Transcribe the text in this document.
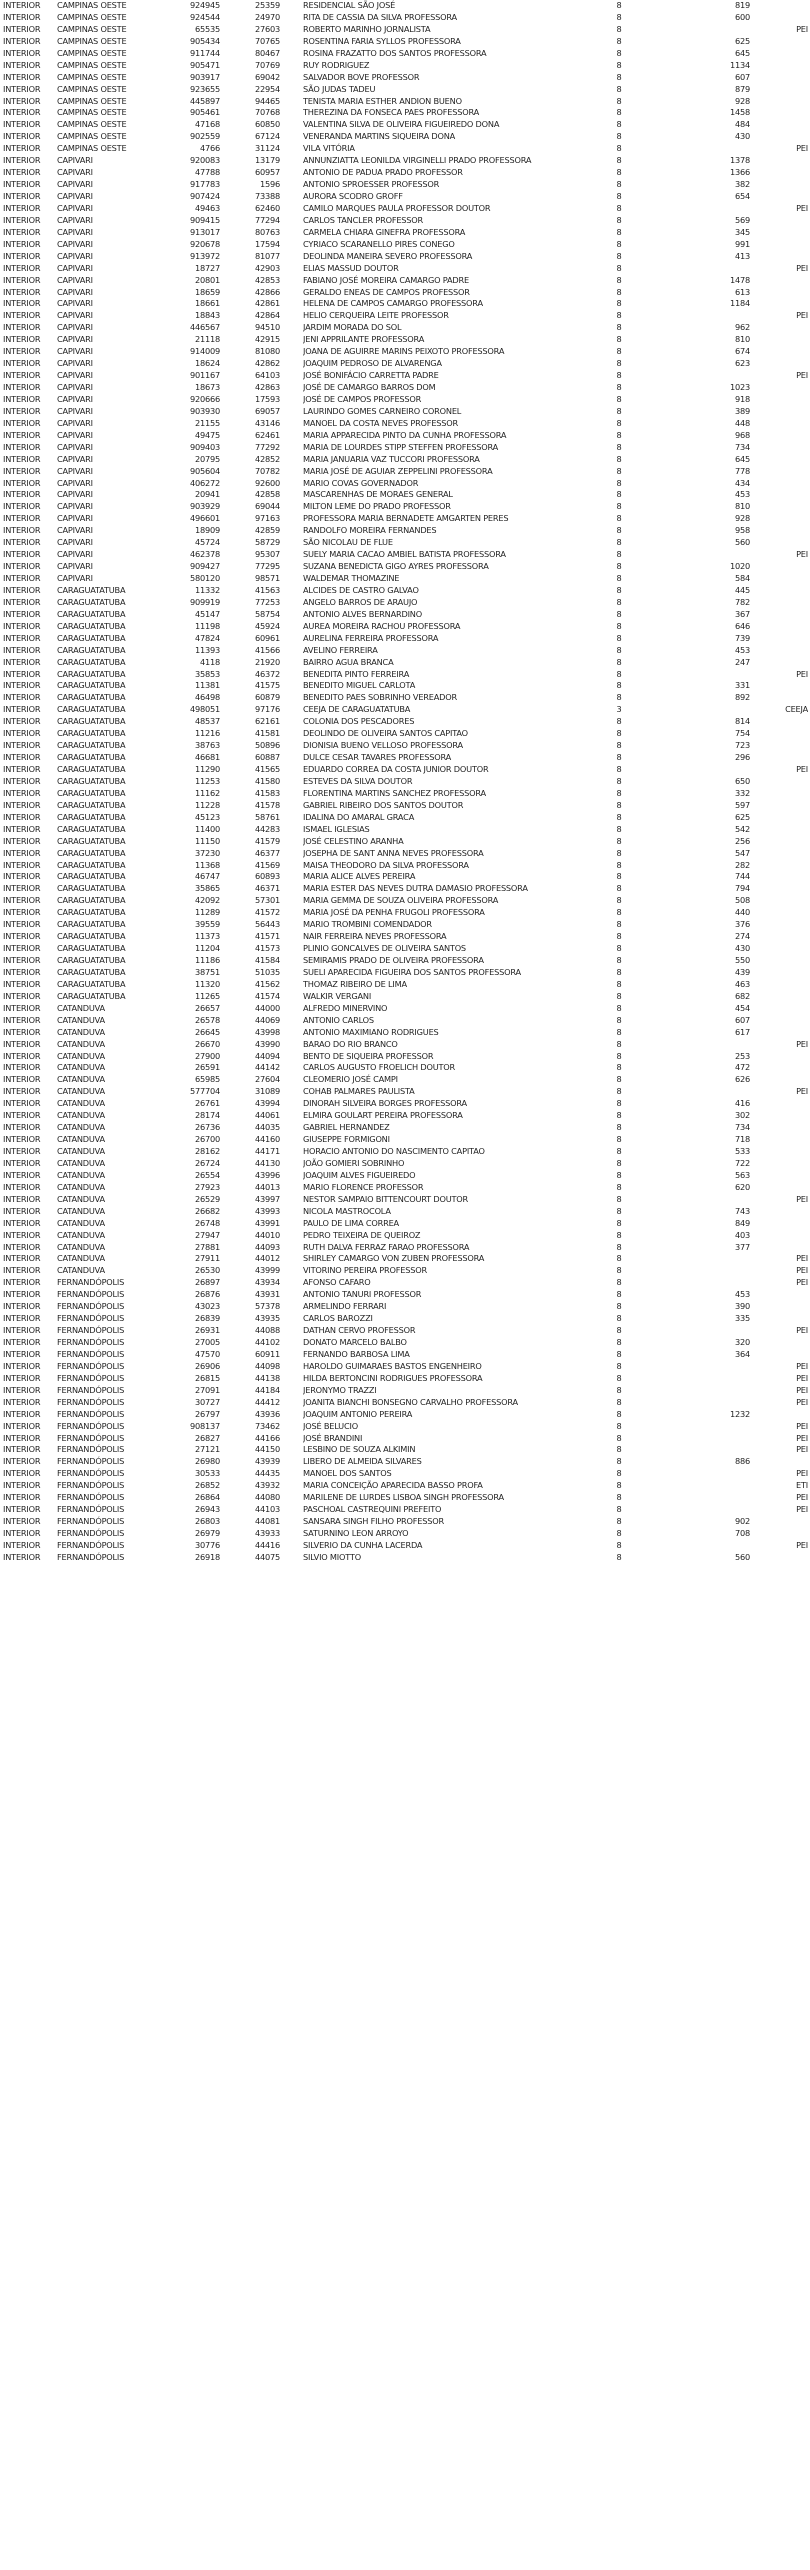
INTERIOR	CAMPINAS OESTE	924945	25359	RESIDENCIAL SÃO JOSÉ	8	819
INTERIOR	CAMPINAS OESTE	924544	24970	RITA DE CASSIA DA SILVA PROFESSORA	8	600
INTERIOR	CAMPINAS OESTE	65535	27603	ROBERTO MARINHO JORNALISTA	8	PEI
INTERIOR	CAMPINAS OESTE	905434	70765	ROSENTINA FARIA SYLLOS PROFESSORA	8	625
INTERIOR	CAMPINAS OESTE	911744	80467	ROSINA FRAZATTO DOS SANTOS PROFESSORA	8	645
INTERIOR	CAMPINAS OESTE	905471	70769	RUY RODRIGUEZ	8	1134
INTERIOR	CAMPINAS OESTE	903917	69042	SALVADOR BOVE PROFESSOR	8	607
INTERIOR	CAMPINAS OESTE	923655	22954	SÃO JUDAS TADEU	8	879
INTERIOR	CAMPINAS OESTE	445897	94465	TENISTA MARIA ESTHER ANDION BUENO	8	928
INTERIOR	CAMPINAS OESTE	905461	70768	THEREZINA DA FONSECA PAES PROFESSORA	8	1458
INTERIOR	CAMPINAS OESTE	47168	60850	VALENTINA SILVA DE OLIVEIRA FIGUEIREDO DONA	8	484
INTERIOR	CAMPINAS OESTE	902559	67124	VENERANDA MARTINS SIQUEIRA DONA	8	430
INTERIOR	CAMPINAS OESTE	4766	31124	VILA VITÓRIA	8	PEI
INTERIOR	CAPIVARI	920083	13179	ANNUNZIATTA LEONILDA VIRGINELLI PRADO PROFESSORA	8	1378
INTERIOR	CAPIVARI	47788	60957	ANTONIO DE PADUA PRADO PROFESSOR	8	1366
INTERIOR	CAPIVARI	917783	1596	ANTONIO SPROESSER PROFESSOR	8	382
INTERIOR	CAPIVARI	907424	73388	AURORA SCODRO GROFF	8	654
INTERIOR	CAPIVARI	49463	62460	CAMILO MARQUES PAULA PROFESSOR DOUTOR	8	PEI
INTERIOR	CAPIVARI	909415	77294	CARLOS TANCLER PROFESSOR	8	569
INTERIOR	CAPIVARI	913017	80763	CARMELA CHIARA GINEFRA PROFESSORA	8	345
INTERIOR	CAPIVARI	920678	17594	CYRIACO SCARANELLO PIRES CONEGO	8	991
INTERIOR	CAPIVARI	913972	81077	DEOLINDA MANEIRA SEVERO PROFESSORA	8	413
INTERIOR	CAPIVARI	18727	42903	ELIAS MASSUD DOUTOR	8	PEI
INTERIOR	CAPIVARI	20801	42853	FABIANO JOSÉ MOREIRA CAMARGO PADRE	8	1478
INTERIOR	CAPIVARI	18659	42866	GERALDO ENEAS DE CAMPOS PROFESSOR	8	613
INTERIOR	CAPIVARI	18661	42861	HELENA DE CAMPOS CAMARGO PROFESSORA	8	1184
INTERIOR	CAPIVARI	18843	42864	HELIO CERQUEIRA LEITE PROFESSOR	8	PEI
INTERIOR	CAPIVARI	446567	94510	JARDIM MORADA DO SOL	8	962
INTERIOR	CAPIVARI	21118	42915	JENI APPRILANTE PROFESSORA	8	810
INTERIOR	CAPIVARI	914009	81080	JOANA DE AGUIRRE MARINS PEIXOTO PROFESSORA	8	674
INTERIOR	CAPIVARI	18624	42862	JOAQUIM PEDROSO DE ALVARENGA	8	623
INTERIOR	CAPIVARI	901167	64103	JOSÉ BONIFÁCIO CARRETTA PADRE	8	PEI
INTERIOR	CAPIVARI	18673	42863	JOSÉ DE CAMARGO BARROS DOM	8	1023
INTERIOR	CAPIVARI	920666	17593	JOSÉ DE CAMPOS PROFESSOR	8	918
INTERIOR	CAPIVARI	903930	69057	LAURINDO GOMES CARNEIRO CORONEL	8	389
INTERIOR	CAPIVARI	21155	43146	MANOEL DA COSTA NEVES PROFESSOR	8	448
INTERIOR	CAPIVARI	49475	62461	MARIA APPARECIDA PINTO DA CUNHA PROFESSORA	8	968
INTERIOR	CAPIVARI	909403	77292	MARIA DE LOURDES STIPP STEFFEN PROFESSORA	8	734
INTERIOR	CAPIVARI	20795	42852	MARIA JANUARIA VAZ TUCCORI PROFESSORA	8	645
INTERIOR	CAPIVARI	905604	70782	MARIA JOSÉ DE AGUIAR ZEPPELINI PROFESSORA	8	778
INTERIOR	CAPIVARI	406272	92600	MARIO COVAS GOVERNADOR	8	434
INTERIOR	CAPIVARI	20941	42858	MASCARENHAS DE MORAES GENERAL	8	453
INTERIOR	CAPIVARI	903929	69044	MILTON LEME DO PRADO PROFESSOR	8	810
INTERIOR	CAPIVARI	496601	97163	PROFESSORA MARIA BERNADETE AMGARTEN PERES	8	928
INTERIOR	CAPIVARI	18909	42859	RANDOLFO MOREIRA FERNANDES	8	958
INTERIOR	CAPIVARI	45724	58729	SÃO NICOLAU DE FLUE	8	560
INTERIOR	CAPIVARI	462378	95307	SUELY MARIA CACAO AMBIEL BATISTA PROFESSORA	8	PEI
INTERIOR	CAPIVARI	909427	77295	SUZANA BENEDICTA GIGO AYRES PROFESSORA	8	1020
INTERIOR	CAPIVARI	580120	98571	WALDEMAR THOMAZINE	8	584
INTERIOR	CARAGUATATUBA	11332	41563	ALCIDES DE CASTRO GALVAO	8	445
INTERIOR	CARAGUATATUBA	909919	77253	ANGELO BARROS DE ARAUJO	8	782
INTERIOR	CARAGUATATUBA	45147	58754	ANTONIO ALVES BERNARDINO	8	367
INTERIOR	CARAGUATATUBA	11198	45924	AUREA MOREIRA RACHOU PROFESSORA	8	646
INTERIOR	CARAGUATATUBA	47824	60961	AURELINA FERREIRA PROFESSORA	8	739
INTERIOR	CARAGUATATUBA	11393	41566	AVELINO FERREIRA	8	453
INTERIOR	CARAGUATATUBA	4118	21920	BAIRRO AGUA BRANCA	8	247
INTERIOR	CARAGUATATUBA	35853	46372	BENEDITA PINTO FERREIRA	8	PEI
INTERIOR	CARAGUATATUBA	11381	41575	BENEDITO MIGUEL CARLOTA	8	331
INTERIOR	CARAGUATATUBA	46498	60879	BENEDITO PAES SOBRINHO VEREADOR	8	892
INTERIOR	CARAGUATATUBA	498051	97176	CEEJA DE CARAGUATATUBA	3	CEEJA
INTERIOR	CARAGUATATUBA	48537	62161	COLONIA DOS PESCADORES	8	814
INTERIOR	CARAGUATATUBA	11216	41581	DEOLINDO DE OLIVEIRA SANTOS CAPITAO	8	754
INTERIOR	CARAGUATATUBA	38763	50896	DIONISIA BUENO VELLOSO PROFESSORA	8	723
INTERIOR	CARAGUATATUBA	46681	60887	DULCE CESAR TAVARES PROFESSORA	8	296
INTERIOR	CARAGUATATUBA	11290	41565	EDUARDO CORREA DA COSTA JUNIOR DOUTOR	8	PEI
INTERIOR	CARAGUATATUBA	11253	41580	ESTEVES DA SILVA DOUTOR	8	650
INTERIOR	CARAGUATATUBA	11162	41583	FLORENTINA MARTINS SANCHEZ PROFESSORA	8	332
INTERIOR	CARAGUATATUBA	11228	41578	GABRIEL RIBEIRO DOS SANTOS DOUTOR	8	597
INTERIOR	CARAGUATATUBA	45123	58761	IDALINA DO AMARAL GRACA	8	625
INTERIOR	CARAGUATATUBA	11400	44283	ISMAEL IGLESIAS	8	542
INTERIOR	CARAGUATATUBA	11150	41579	JOSÉ CELESTINO ARANHA	8	256
INTERIOR	CARAGUATATUBA	37230	46377	JOSEPHA DE SANT ANNA NEVES PROFESSORA	8	547
INTERIOR	CARAGUATATUBA	11368	41569	MAISA THEODORO DA SILVA PROFESSORA	8	282
INTERIOR	CARAGUATATUBA	46747	60893	MARIA ALICE ALVES PEREIRA	8	744
INTERIOR	CARAGUATATUBA	35865	46371	MARIA ESTER DAS NEVES DUTRA DAMASIO PROFESSORA	8	794
INTERIOR	CARAGUATATUBA	42092	57301	MARIA GEMMA DE SOUZA OLIVEIRA PROFESSORA	8	508
INTERIOR	CARAGUATATUBA	11289	41572	MARIA JOSÉ DA PENHA FRUGOLI PROFESSORA	8	440
INTERIOR	CARAGUATATUBA	39559	56443	MARIO TROMBINI COMENDADOR	8	376
INTERIOR	CARAGUATATUBA	11373	41571	NAIR FERREIRA NEVES PROFESSORA	8	274
INTERIOR	CARAGUATATUBA	11204	41573	PLINIO GONCALVES DE OLIVEIRA SANTOS	8	430
INTERIOR	CARAGUATATUBA	11186	41584	SEMIRAMIS PRADO DE OLIVEIRA PROFESSORA	8	550
INTERIOR	CARAGUATATUBA	38751	51035	SUELI APARECIDA FIGUEIRA DOS SANTOS PROFESSORA	8	439
INTERIOR	CARAGUATATUBA	11320	41562	THOMAZ RIBEIRO DE LIMA	8	463
INTERIOR	CARAGUATATUBA	11265	41574	WALKIR VERGANI	8	682
INTERIOR	CATANDUVA	26657	44000	ALFREDO MINERVINO	8	454
INTERIOR	CATANDUVA	26578	44069	ANTONIO CARLOS	8	607
INTERIOR	CATANDUVA	26645	43998	ANTONIO MAXIMIANO RODRIGUES	8	617
INTERIOR	CATANDUVA	26670	43990	BARAO DO RIO BRANCO	8	PEI
INTERIOR	CATANDUVA	27900	44094	BENTO DE SIQUEIRA PROFESSOR	8	253
INTERIOR	CATANDUVA	26591	44142	CARLOS AUGUSTO FROELICH DOUTOR	8	472
INTERIOR	CATANDUVA	65985	27604	CLEOMERIO JOSÉ CAMPI	8	626
INTERIOR	CATANDUVA	577704	31089	COHAB PALMARES PAULISTA	8	PEI
INTERIOR	CATANDUVA	26761	43994	DINORAH SILVEIRA BORGES PROFESSORA	8	416
INTERIOR	CATANDUVA	28174	44061	ELMIRA GOULART PEREIRA PROFESSORA	8	302
INTERIOR	CATANDUVA	26736	44035	GABRIEL HERNANDEZ	8	734
INTERIOR	CATANDUVA	26700	44160	GIUSEPPE FORMIGONI	8	718
INTERIOR	CATANDUVA	28162	44171	HORACIO ANTONIO DO NASCIMENTO CAPITAO	8	533
INTERIOR	CATANDUVA	26724	44130	JOÃO GOMIERI SOBRINHO	8	722
INTERIOR	CATANDUVA	26554	43996	JOAQUIM ALVES FIGUEIREDO	8	563
INTERIOR	CATANDUVA	27923	44013	MARIO FLORENCE PROFESSOR	8	620
INTERIOR	CATANDUVA	26529	43997	NESTOR SAMPAIO BITTENCOURT DOUTOR	8	PEI
INTERIOR	CATANDUVA	26682	43993	NICOLA MASTROCOLA	8	743
INTERIOR	CATANDUVA	26748	43991	PAULO DE LIMA CORREA	8	849
INTERIOR	CATANDUVA	27947	44010	PEDRO TEIXEIRA DE QUEIROZ	8	403
INTERIOR	CATANDUVA	27881	44093	RUTH DALVA FERRAZ FARAO PROFESSORA	8	377
INTERIOR	CATANDUVA	27911	44012	SHIRLEY CAMARGO VON ZUBEN PROFESSORA	8	PEI
INTERIOR	CATANDUVA	26530	43999	VITORINO PEREIRA PROFESSOR	8	PEI
INTERIOR	FERNANDÓPOLIS	26897	43934	AFONSO CAFARO	8	PEI
INTERIOR	FERNANDÓPOLIS	26876	43931	ANTONIO TANURI PROFESSOR	8	453
INTERIOR	FERNANDÓPOLIS	43023	57378	ARMELINDO FERRARI	8	390
INTERIOR	FERNANDÓPOLIS	26839	43935	CARLOS BAROZZI	8	335
INTERIOR	FERNANDÓPOLIS	26931	44088	DATHAN CERVO PROFESSOR	8	PEI
INTERIOR	FERNANDÓPOLIS	27005	44102	DONATO MARCELO BALBO	8	320
INTERIOR	FERNANDÓPOLIS	47570	60911	FERNANDO BARBOSA LIMA	8	364
INTERIOR	FERNANDÓPOLIS	26906	44098	HAROLDO GUIMARAES BASTOS ENGENHEIRO	8	PEI
INTERIOR	FERNANDÓPOLIS	26815	44138	HILDA BERTONCINI RODRIGUES PROFESSORA	8	PEI
INTERIOR	FERNANDÓPOLIS	27091	44184	JERONYMO TRAZZI	8	PEI
INTERIOR	FERNANDÓPOLIS	30727	44412	JOANITA BIANCHI BONSEGNO CARVALHO PROFESSORA	8	PEI
INTERIOR	FERNANDÓPOLIS	26797	43936	JOAQUIM ANTONIO PEREIRA	8	1232
INTERIOR	FERNANDÓPOLIS	908137	73462	JOSÉ BELUCIO	8	PEI
INTERIOR	FERNANDÓPOLIS	26827	44166	JOSÉ BRANDINI	8	PEI
INTERIOR	FERNANDÓPOLIS	27121	44150	LESBINO DE SOUZA ALKIMIN	8	PEI
INTERIOR	FERNANDÓPOLIS	26980	43939	LIBERO DE ALMEIDA SILVARES	8	886
INTERIOR	FERNANDÓPOLIS	30533	44435	MANOEL DOS SANTOS	8	PEI
INTERIOR	FERNANDÓPOLIS	26852	43932	MARIA CONCEIÇÃO APARECIDA BASSO PROFA	8	ETI
INTERIOR	FERNANDÓPOLIS	26864	44080	MARILENE DE LURDES LISBOA SINGH PROFESSORA	8	PEI
INTERIOR	FERNANDÓPOLIS	26943	44103	PASCHOAL CASTREQUINI PREFEITO	8	PEI
INTERIOR	FERNANDÓPOLIS	26803	44081	SANSARA SINGH FILHO PROFESSOR	8	902
INTERIOR	FERNANDÓPOLIS	26979	43933	SATURNINO LEON ARROYO	8	708
INTERIOR	FERNANDÓPOLIS	30776	44416	SILVERIO DA CUNHA LACERDA	8	PEI
INTERIOR	FERNANDÓPOLIS	26918	44075	SILVIO MIOTTO	8	560
